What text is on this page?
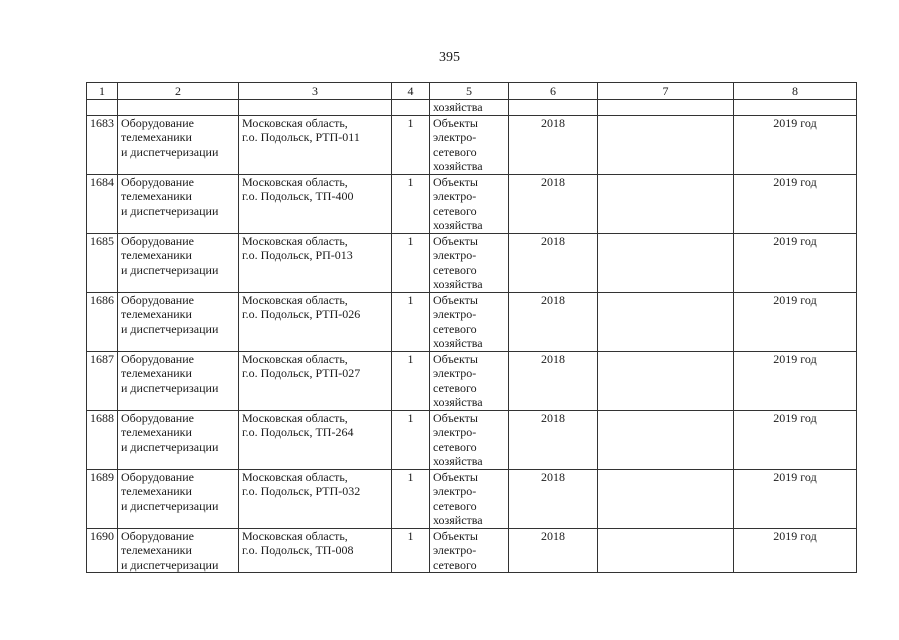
395
1	2	3	4	5	6	7	8
				хозяйства			
1683	Оборудование
телемеханики
и диспетчеризации	Московская область,
г.о. Подольск, РТП-011	1	Объекты
электро-
сетевого
хозяйства	2018		2019 год
1684	Оборудование
телемеханики
и диспетчеризации	Московская область,
г.о. Подольск, ТП-400	1	Объекты
электро-
сетевого
хозяйства	2018		2019 год
1685	Оборудование
телемеханики
и диспетчеризации	Московская область,
г.о. Подольск, РП-013	1	Объекты
электро-
сетевого
хозяйства	2018		2019 год
1686	Оборудование
телемеханики
и диспетчеризации	Московская область,
г.о. Подольск, РТП-026	1	Объекты
электро-
сетевого
хозяйства	2018		2019 год
1687	Оборудование
телемеханики
и диспетчеризации	Московская область,
г.о. Подольск, РТП-027	1	Объекты
электро-
сетевого
хозяйства	2018		2019 год
1688	Оборудование
телемеханики
и диспетчеризации	Московская область,
г.о. Подольск, ТП-264	1	Объекты
электро-
сетевого
хозяйства	2018		2019 год
1689	Оборудование
телемеханики
и диспетчеризации	Московская область,
г.о. Подольск, РТП-032	1	Объекты
электро-
сетевого
хозяйства	2018		2019 год
1690	Оборудование
телемеханики
и диспетчеризации	Московская область,
г.о. Подольск, ТП-008	1	Объекты
электро-
сетевого	2018		2019 год
